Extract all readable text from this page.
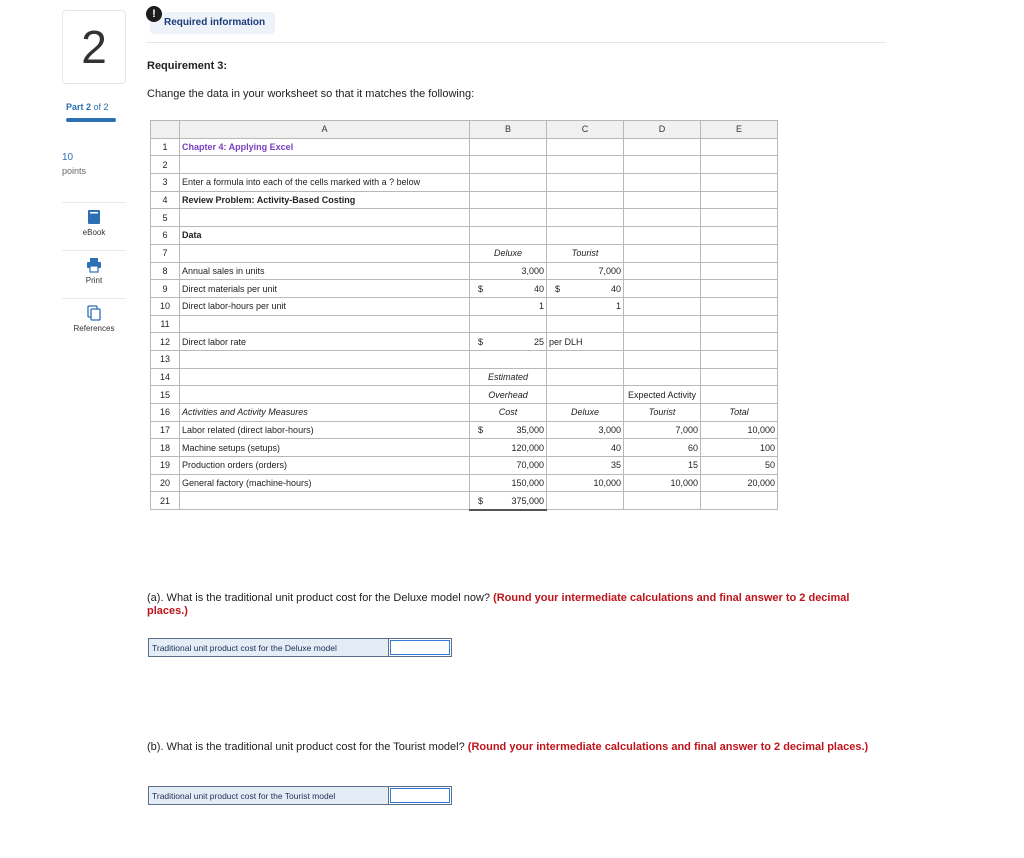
2
Part 2 of 2
10
points
eBook
Print
References
Required information
!
Requirement 3:
Change the data in your worksheet so that it matches the following:
	A	B	C	D	E
1	Chapter 4: Applying Excel				
2					
3	Enter a formula into each of the cells marked with a ? below				
4	Review Problem: Activity-Based Costing				
5					
6	Data				
7		Deluxe	Tourist		
8	Annual sales in units	3,000	7,000		
9	Direct materials per unit	$ 40	$ 40		

10	Direct labor-hours per unit	1	1		
11					
12	Direct labor rate	$ 25	per DLH		
13					
14		Estimated			
15		Overhead		Expected Activity	
16	Activities and Activity Measures	Cost	Deluxe	Tourist	Total
17	Labor related (direct labor-hours)	$ 35,000	3,000	7,000	10,000
18	Machine setups (setups)	120,000	40	60	100
19	Production orders (orders)	70,000	35	15	50
20	General factory (machine-hours)	150,000	10,000	10,000	20,000
21		$ 375,000			

(a). What is the traditional unit product cost for the Deluxe model now? (Round your intermediate calculations and final answer to 2 decimal places.)
Traditional unit product cost for the Deluxe model
(b). What is the traditional unit product cost for the Tourist model? (Round your intermediate calculations and final answer to 2 decimal places.)
Traditional unit product cost for the Tourist model
